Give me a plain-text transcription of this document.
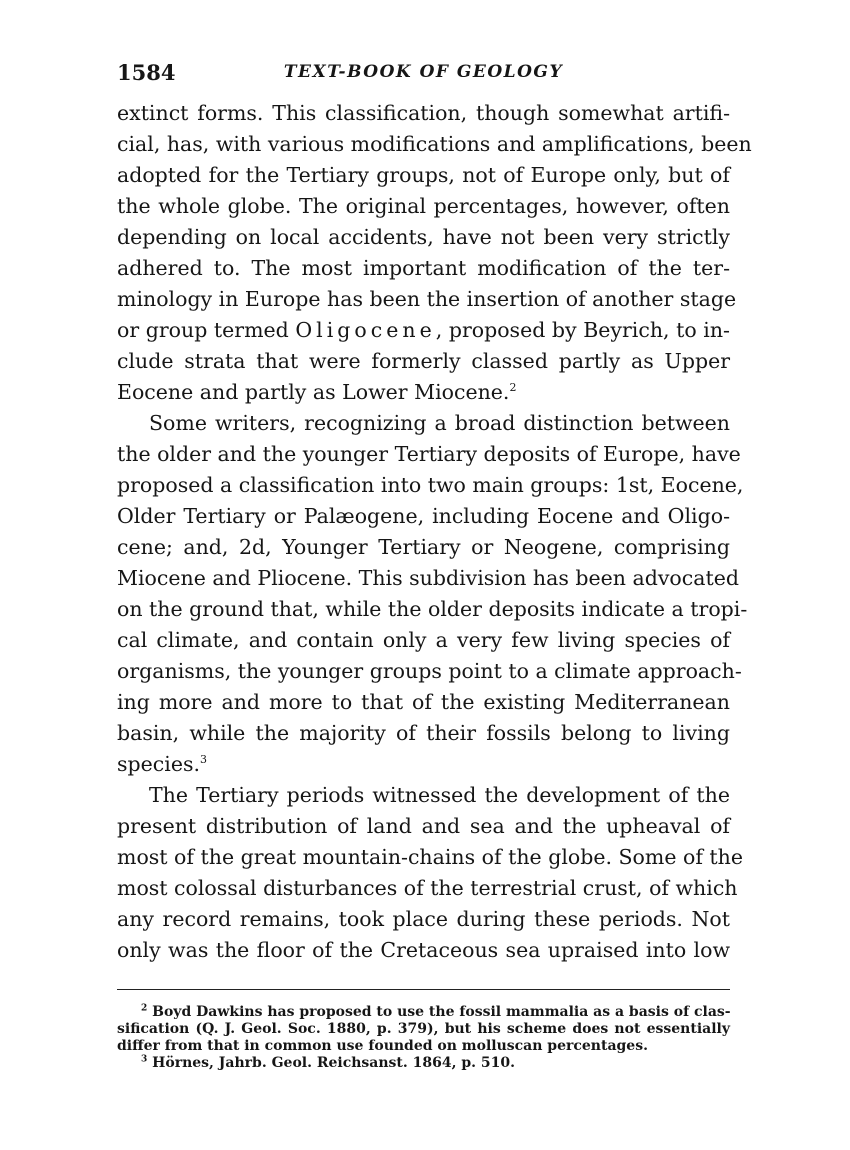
1584	TEXT-BOOK OF GEOLOGY
extinct forms. This classification, though somewhat artifi-
cial, has, with various modifications and amplifications, been
adopted for the Tertiary groups, not of Europe only, but of
the whole globe. The original percentages, however, often
depending on local accidents, have not been very strictly
adhered to. The most important modification of the ter-
minology in Europe has been the insertion of another stage
or group termed Oligocene, proposed by Beyrich, to in-
clude strata that were formerly classed partly as Upper
Eocene and partly as Lower Miocene.$^2$
Some writers, recognizing a broad distinction between
the older and the younger Tertiary deposits of Europe, have
proposed a classification into two main groups: 1st, Eocene,
Older Tertiary or Palæogene, including Eocene and Oligo-
cene; and, 2d, Younger Tertiary or Neogene, comprising
Miocene and Pliocene. This subdivision has been advocated
on the ground that, while the older deposits indicate a tropi-
cal climate, and contain only a very few living species of
organisms, the younger groups point to a climate approach-
ing more and more to that of the existing Mediterranean
basin, while the majority of their fossils belong to living
species.$^3$
The Tertiary periods witnessed the development of the
present distribution of land and sea and the upheaval of
most of the great mountain-chains of the globe. Some of the
most colossal disturbances of the terrestrial crust, of which
any record remains, took place during these periods. Not
only was the floor of the Cretaceous sea upraised into low
$^2$ Boyd Dawkins has proposed to use the fossil mammalia as a basis of clas-
sification (Q. J. Geol. Soc. 1880, p. 379), but his scheme does not essentially
differ from that in common use founded on molluscan percentages.
$^3$ Hörnes, Jahrb. Geol. Reichsanst. 1864, p. 510.
